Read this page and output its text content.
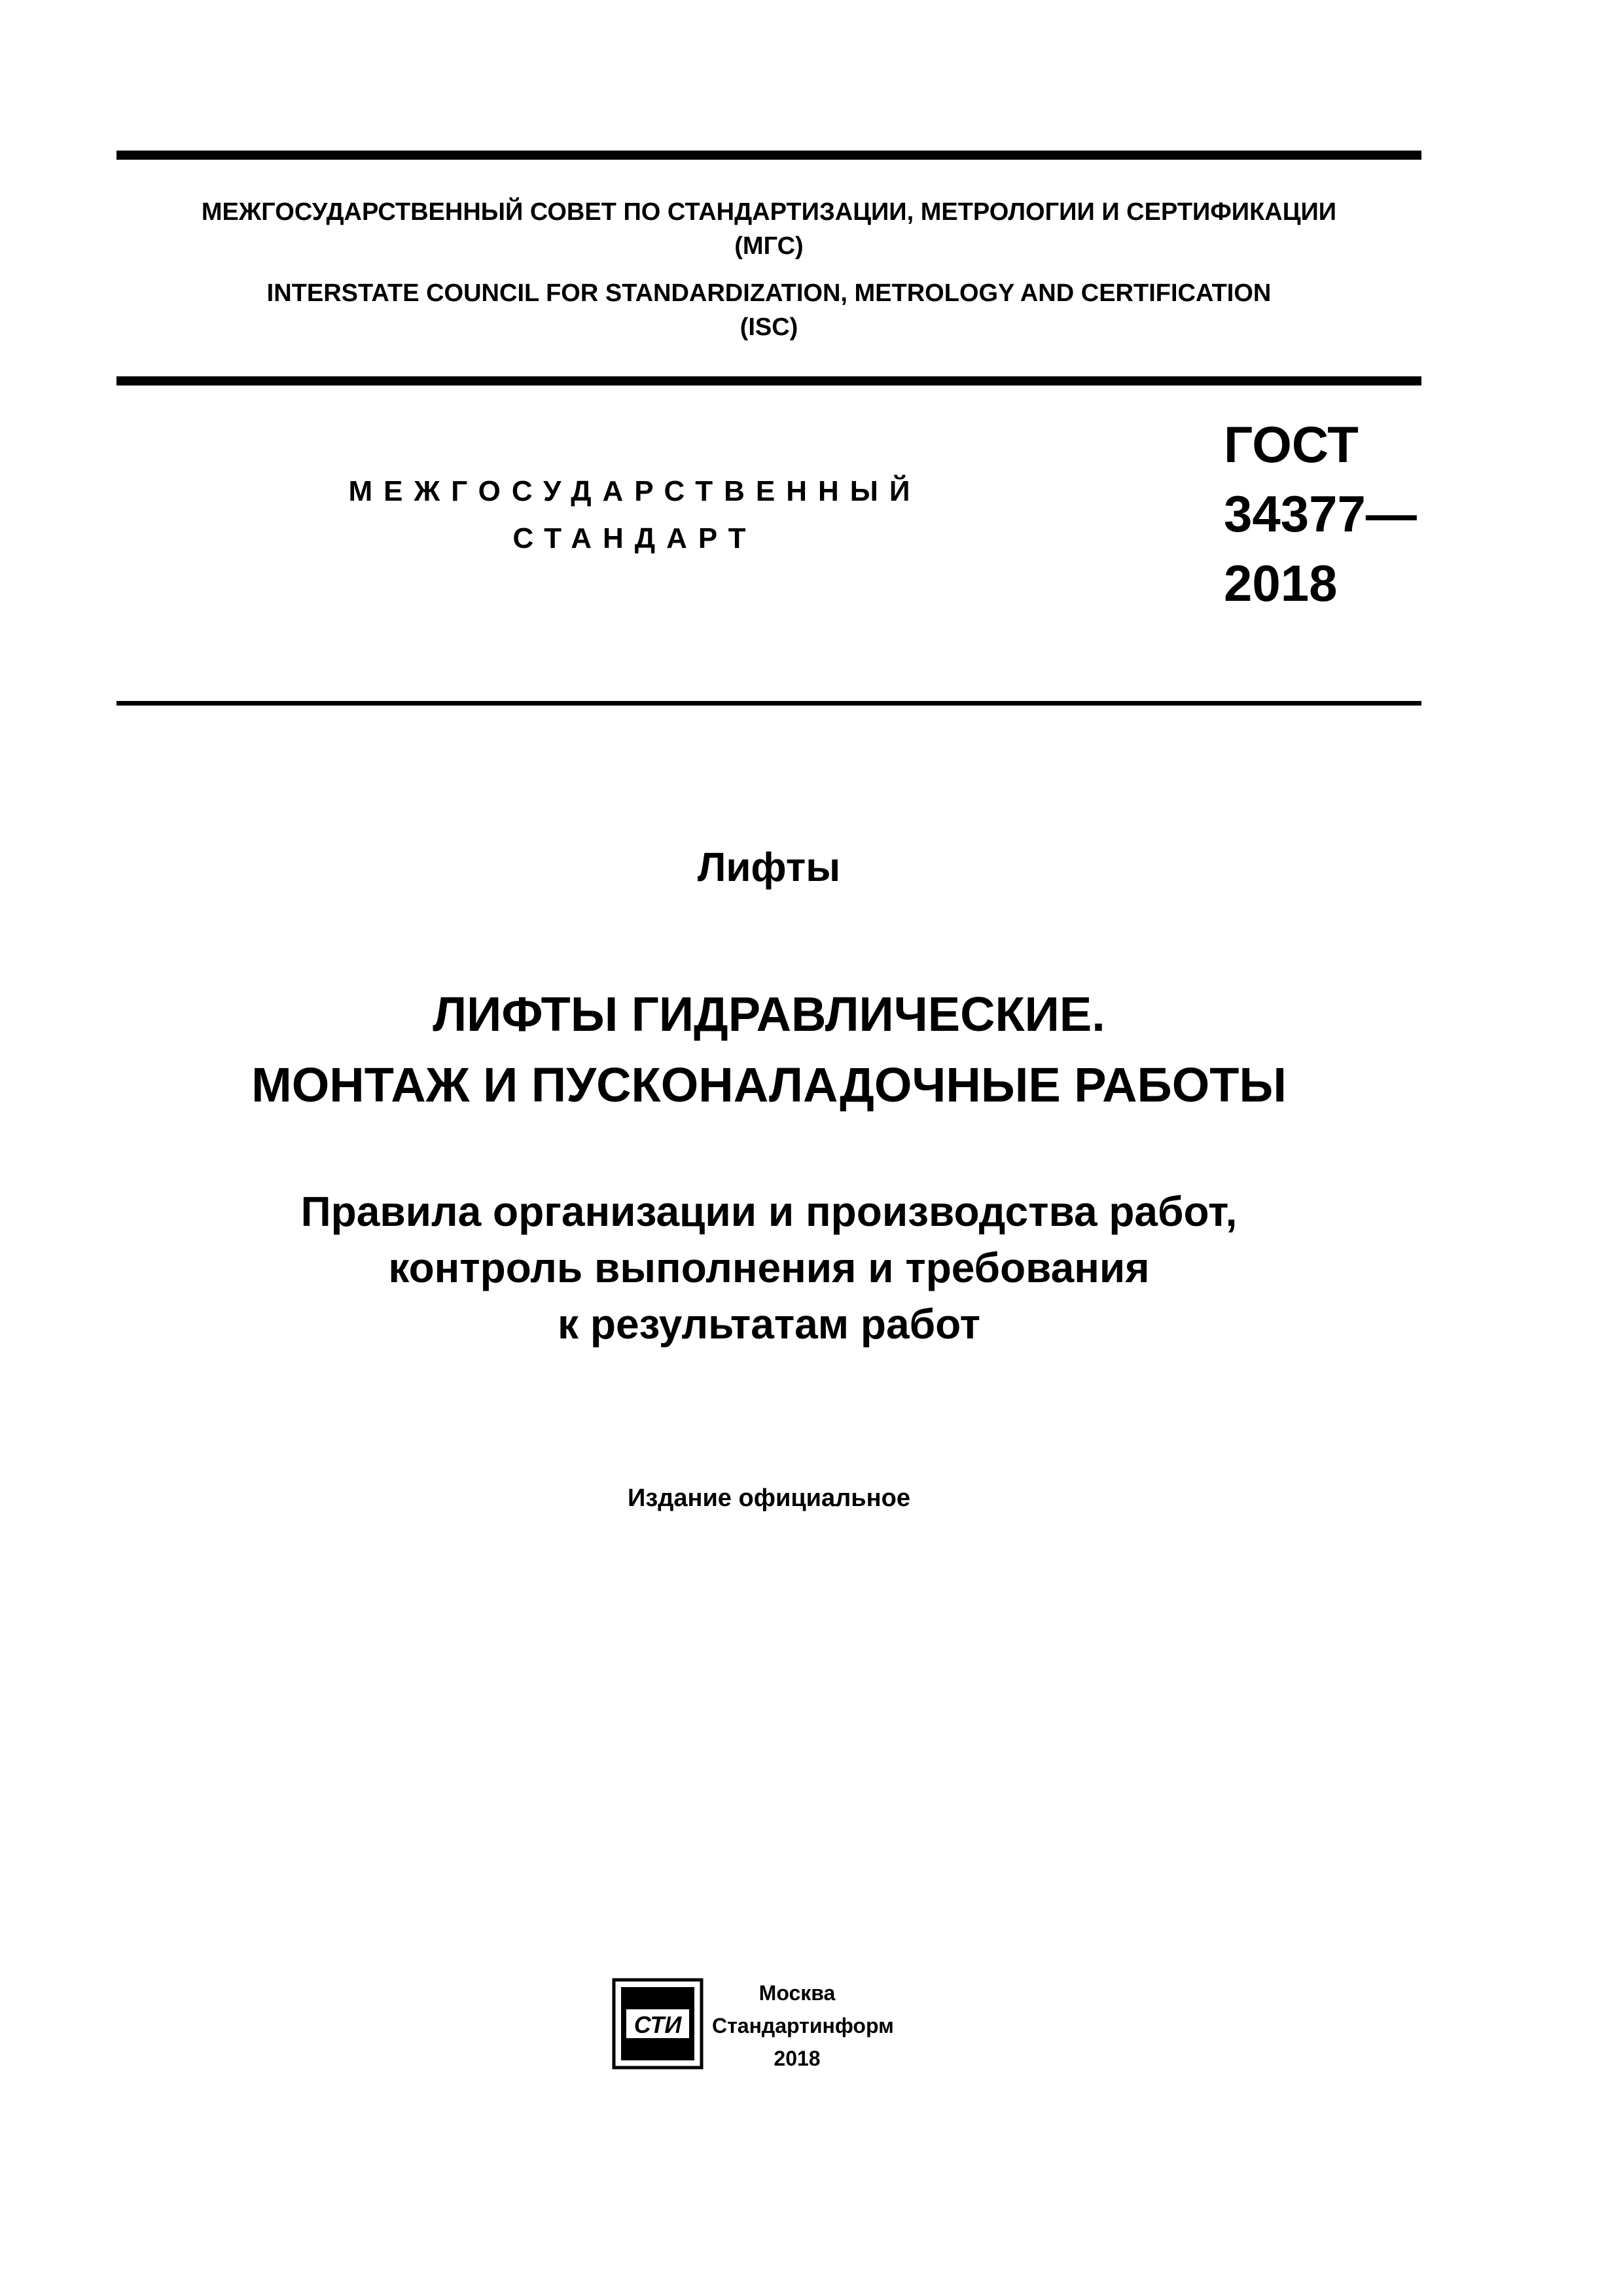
МЕЖГОСУДАРСТВЕННЫЙ СОВЕТ ПО СТАНДАРТИЗАЦИИ, МЕТРОЛОГИИ И СЕРТИФИКАЦИИ
(МГС)
INTERSTATE COUNCIL FOR STANDARDIZATION, METROLOGY AND CERTIFICATION
(ISC)
МЕЖГОСУДАРСТВЕННЫЙ
СТАНДАРТ
ГОСТ
34377—
2018
Лифты
ЛИФТЫ ГИДРАВЛИЧЕСКИЕ.
МОНТАЖ И ПУСКОНАЛАДОЧНЫЕ РАБОТЫ
Правила организации и производства работ,
контроль выполнения и требования
к результатам работ
Издание официальное
СТИ
Москва
Стандартинформ
2018
